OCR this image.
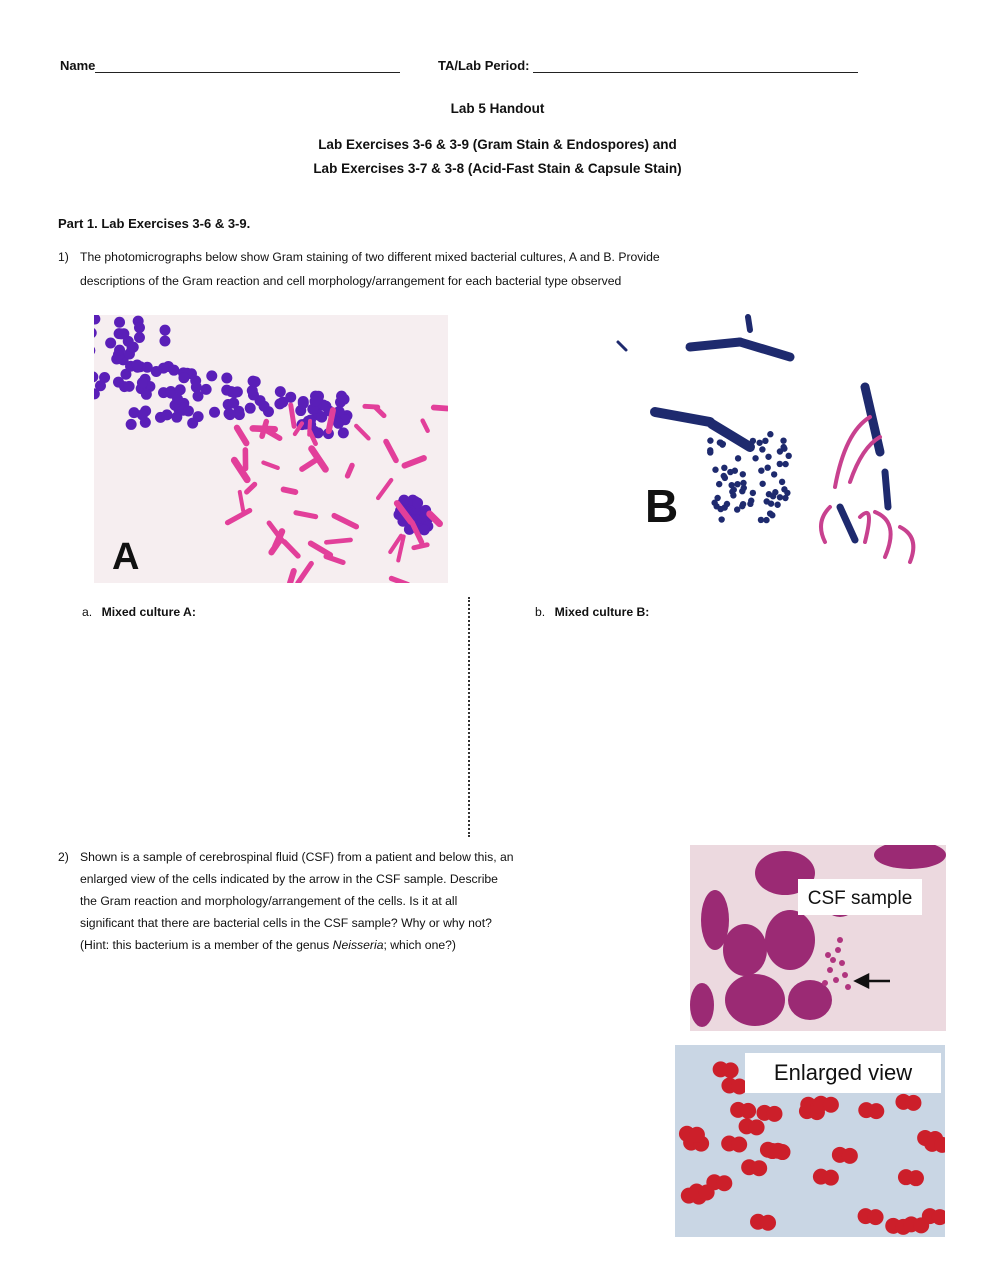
Name	TA/Lab Period:
Lab 5 Handout
Lab Exercises 3-6 & 3-9 (Gram Stain & Endospores) and
Lab Exercises 3-7 & 3-8 (Acid-Fast Stain & Capsule Stain)
Part 1. Lab Exercises 3-6 & 3-9.
1) The photomicrographs below show Gram staining of two different mixed bacterial cultures, A and B. Provide
descriptions of the Gram reaction and cell morphology/arrangement for each bacterial type observed
A
B
a. Mixed culture A:	b. Mixed culture B:
2) Shown is a sample of cerebrospinal fluid (CSF) from a patient and below this, an
enlarged view of the cells indicated by the arrow in the CSF sample. Describe
the Gram reaction and morphology/arrangement of the cells. Is it at all
significant that there are bacterial cells in the CSF sample? Why or why not?
(Hint: this bacterium is a member of the genus Neisseria; which one?)
CSF sample
Enlarged view
